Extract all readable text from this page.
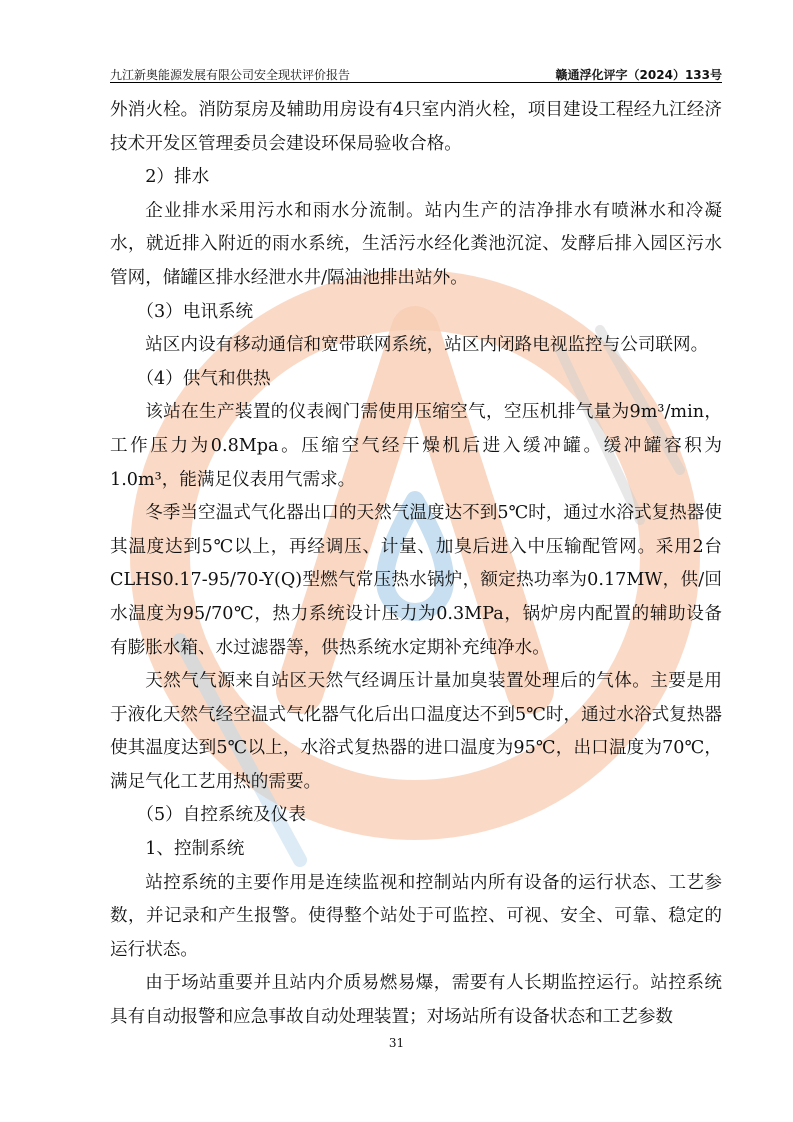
九江新奥能源发展有限公司安全现状评价报告	赣通浮化评字（2024）133号

外消火栓。消防泵房及辅助用房设有4只室内消火栓，项目建设工程经九江经济技术开发区管理委员会建设环保局验收合格。

2）排水

企业排水采用污水和雨水分流制。站内生产的洁净排水有喷淋水和冷凝水，就近排入附近的雨水系统，生活污水经化粪池沉淀、发酵后排入园区污水管网，储罐区排水经泄水井/隔油池排出站外。

（3）电讯系统

站区内设有移动通信和宽带联网系统，站区内闭路电视监控与公司联网。

（4）供气和供热

该站在生产装置的仪表阀门需使用压缩空气，空压机排气量为9m³/min，工作压力为0.8Mpa。压缩空气经干燥机后进入缓冲罐。缓冲罐容积为1.0m³，能满足仪表用气需求。

冬季当空温式气化器出口的天然气温度达不到5℃时，通过水浴式复热器使其温度达到5℃以上，再经调压、计量、加臭后进入中压输配管网。采用2台CLHS0.17-95/70-Y(Q)型燃气常压热水锅炉，额定热功率为0.17MW，供/回水温度为95/70℃，热力系统设计压力为0.3MPa，锅炉房内配置的辅助设备有膨胀水箱、水过滤器等，供热系统水定期补充纯净水。

天然气气源来自站区天然气经调压计量加臭装置处理后的气体。主要是用于液化天然气经空温式气化器气化后出口温度达不到5℃时，通过水浴式复热器使其温度达到5℃以上，水浴式复热器的进口温度为95℃，出口温度为70℃，满足气化工艺用热的需要。

（5）自控系统及仪表

1、控制系统

站控系统的主要作用是连续监视和控制站内所有设备的运行状态、工艺参数，并记录和产生报警。使得整个站处于可监控、可视、安全、可靠、稳定的运行状态。

由于场站重要并且站内介质易燃易爆，需要有人长期监控运行。站控系统具有自动报警和应急事故自动处理装置；对场站所有设备状态和工艺参数

31
